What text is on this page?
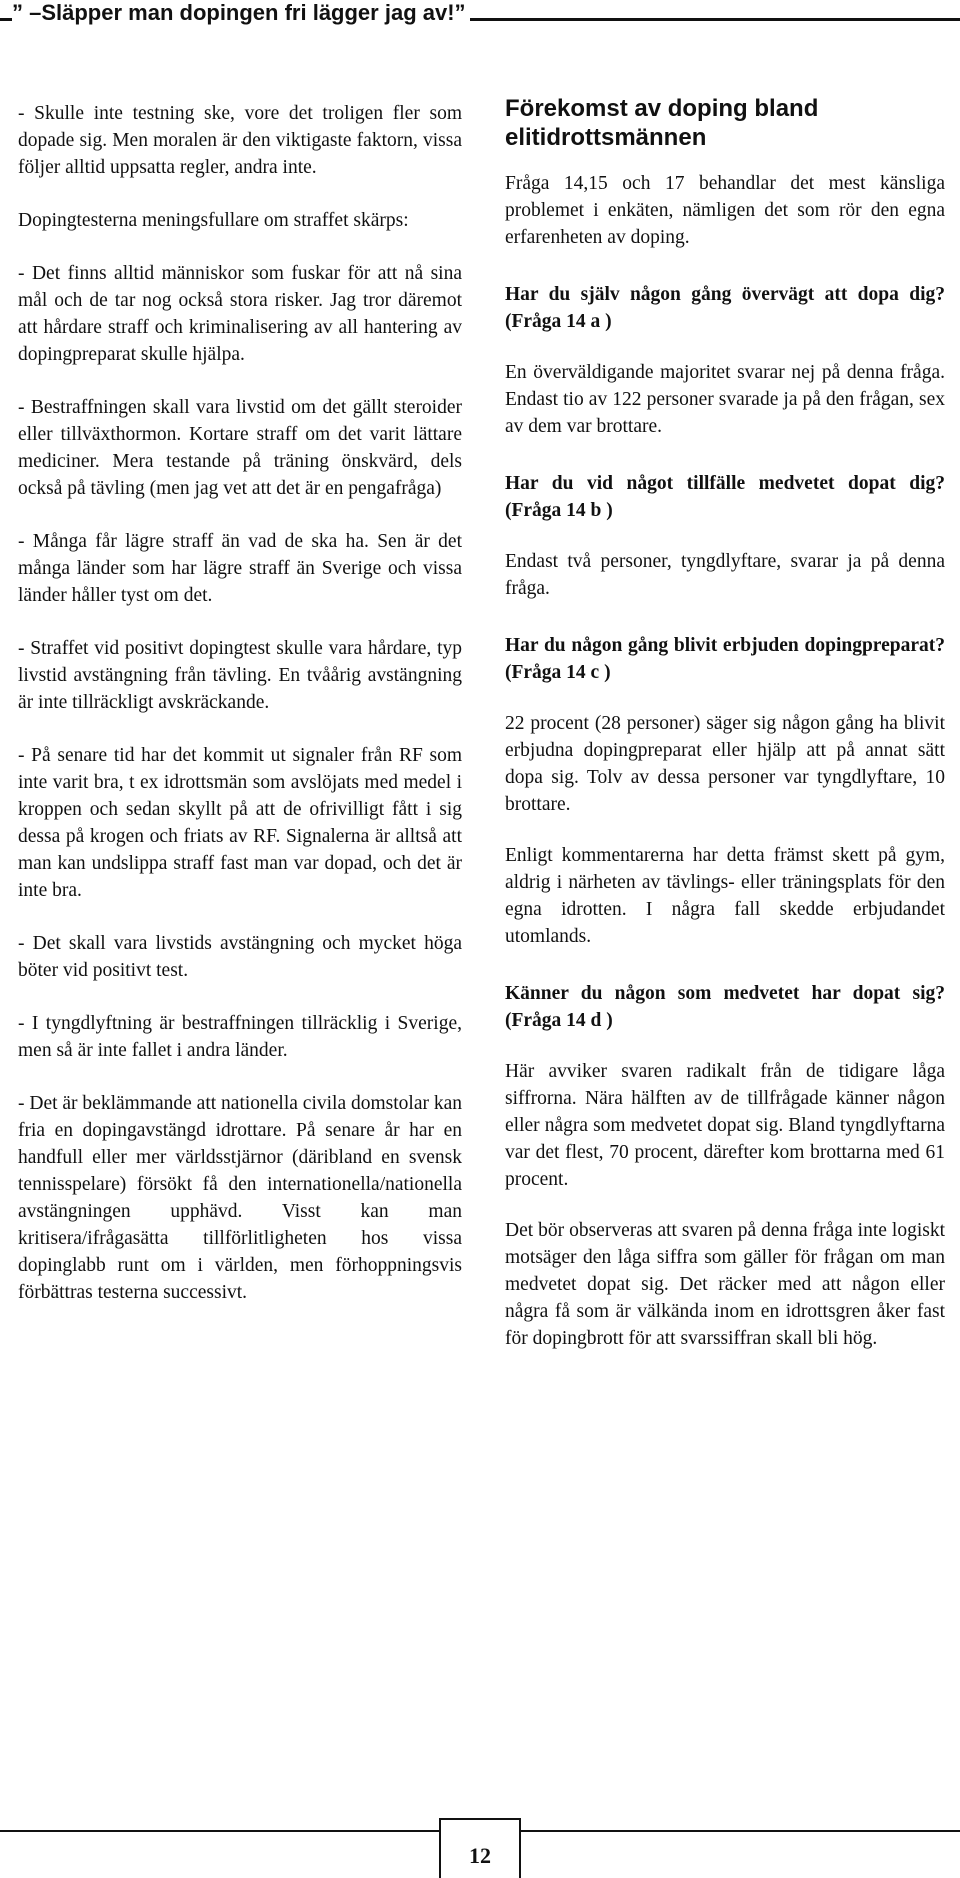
” –Släpper man dopingen fri lägger jag av!”

- Skulle inte testning ske, vore det troligen fler som dopade sig. Men moralen är den viktigaste faktorn, vissa följer alltid uppsatta regler, andra inte.

Dopingtesterna meningsfullare om straffet skärps:

- Det finns alltid människor som fuskar för att nå sina mål och de tar nog också stora risker. Jag tror däremot att hårdare straff och kriminalisering av all hantering av dopingpreparat skulle hjälpa.

- Bestraffningen skall vara livstid om det gällt steroider eller tillväxthormon. Kortare straff om det varit lättare mediciner. Mera testande på träning önskvärd, dels också på tävling (men jag vet att det är en pengafråga)

- Många får lägre straff än vad de ska ha. Sen är det många länder som har lägre straff än Sverige och vissa länder håller tyst om det.

- Straffet vid positivt dopingtest skulle vara hårdare, typ livstid avstängning från tävling. En tvåårig avstängning är inte tillräckligt avskräckande.

- På senare tid har det kommit ut signaler från RF som inte varit bra, t ex idrottsmän som avslöjats med medel i kroppen och sedan skyllt på att de ofrivilligt fått i sig dessa på krogen och friats av RF. Signalerna är alltså att man kan undslippa straff fast man var dopad, och det är inte bra.

- Det skall vara livstids avstängning och mycket höga böter vid positivt test.

- I tyngdlyftning är bestraffningen tillräcklig i Sverige, men så är inte fallet i andra länder.

- Det är beklämmande att nationella civila domstolar kan fria en dopingavstängd idrottare. På senare år har en handfull eller mer världsstjärnor (däribland en svensk tennisspelare) försökt få den internationella/nationella avstängningen upphävd. Visst kan man kritisera/ifrågasätta tillförlitligheten hos vissa dopinglabb runt om i världen, men förhoppningsvis förbättras testerna successivt.

Förekomst av doping bland elitidrottsmännen

Fråga 14,15 och 17 behandlar det mest känsliga problemet i enkäten, nämligen det som rör den egna erfarenheten av doping.

Har du själv någon gång övervägt att dopa dig? (Fråga 14 a )

En överväldigande majoritet svarar nej på denna fråga. Endast tio av 122 personer svarade ja på den frågan, sex av dem var brottare.

Har du vid något tillfälle medvetet dopat dig? (Fråga 14 b )

Endast två personer, tyngdlyftare, svarar ja på denna fråga.

Har du någon gång blivit erbjuden dopingpreparat? (Fråga 14 c )

22 procent (28 personer) säger sig någon gång ha blivit erbjudna dopingpreparat eller hjälp att på annat sätt dopa sig. Tolv av dessa personer var tyngdlyftare, 10 brottare.

Enligt kommentarerna har detta främst skett på gym, aldrig i närheten av tävlings- eller träningsplats för den egna idrotten. I några fall skedde erbjudandet utomlands.

Känner du någon som medvetet har dopat sig?(Fråga 14 d )

Här avviker svaren radikalt från de tidigare låga siffrorna. Nära hälften av de tillfrågade känner någon eller några som medvetet dopat sig. Bland tyngdlyftarna var det flest, 70 procent, därefter kom brottarna med 61 procent.

Det bör observeras att svaren på denna fråga inte logiskt motsäger den låga siffra som gäller för frågan om man medvetet dopat sig. Det räcker med att någon eller några få som är välkända inom en idrottsgren åker fast för dopingbrott för att svarssiffran skall bli hög.

12
